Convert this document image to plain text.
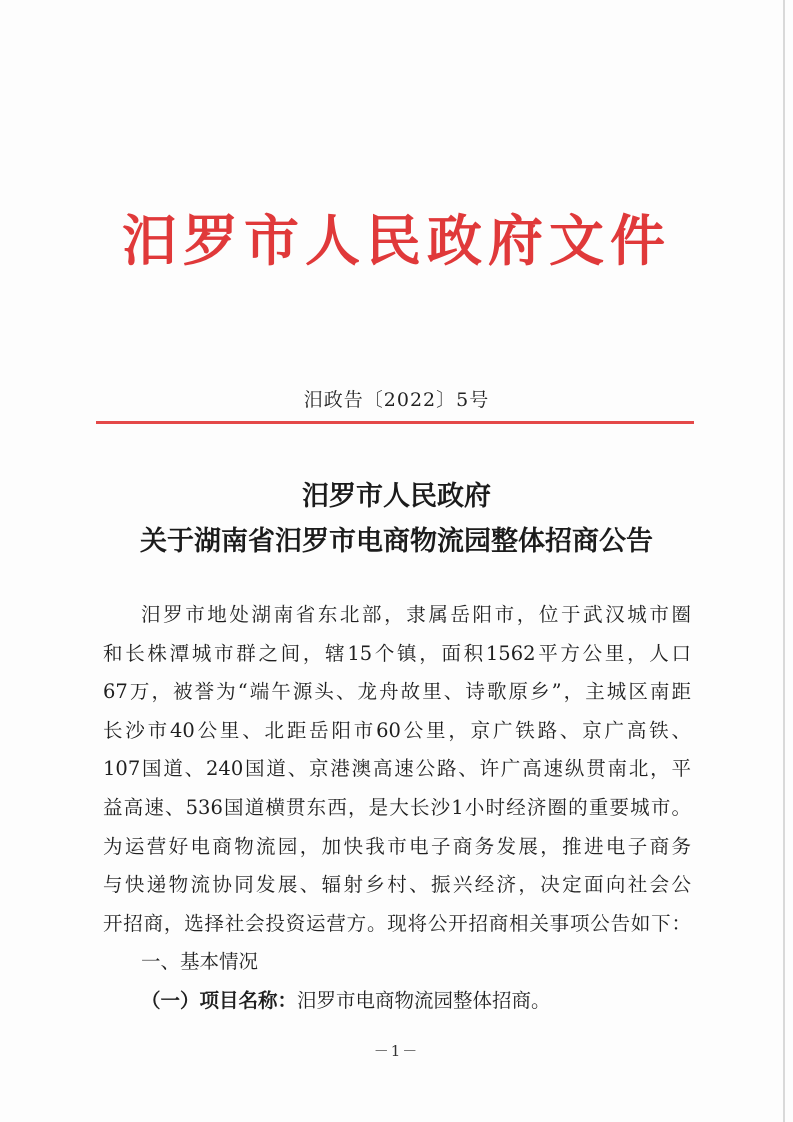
汨罗市人民政府文件
汨政告〔2022〕5号
汨罗市人民政府
关于湖南省汨罗市电商物流园整体招商公告
汨罗市地处湖南省东北部，隶属岳阳市，位于武汉城市圈
和长株潭城市群之间，辖15个镇，面积1562平方公里，人口
67万，被誉为“端午源头、龙舟故里、诗歌原乡”，主城区南距
长沙市40公里、北距岳阳市60公里，京广铁路、京广高铁、
107国道、240国道、京港澳高速公路、许广高速纵贯南北，平
益高速、536国道横贯东西，是大长沙1小时经济圈的重要城市。
为运营好电商物流园，加快我市电子商务发展，推进电子商务
与快递物流协同发展、辐射乡村、振兴经济，决定面向社会公
开招商，选择社会投资运营方。现将公开招商相关事项公告如下：
一、基本情况
（一）项目名称：汨罗市电商物流园整体招商。
－1－
